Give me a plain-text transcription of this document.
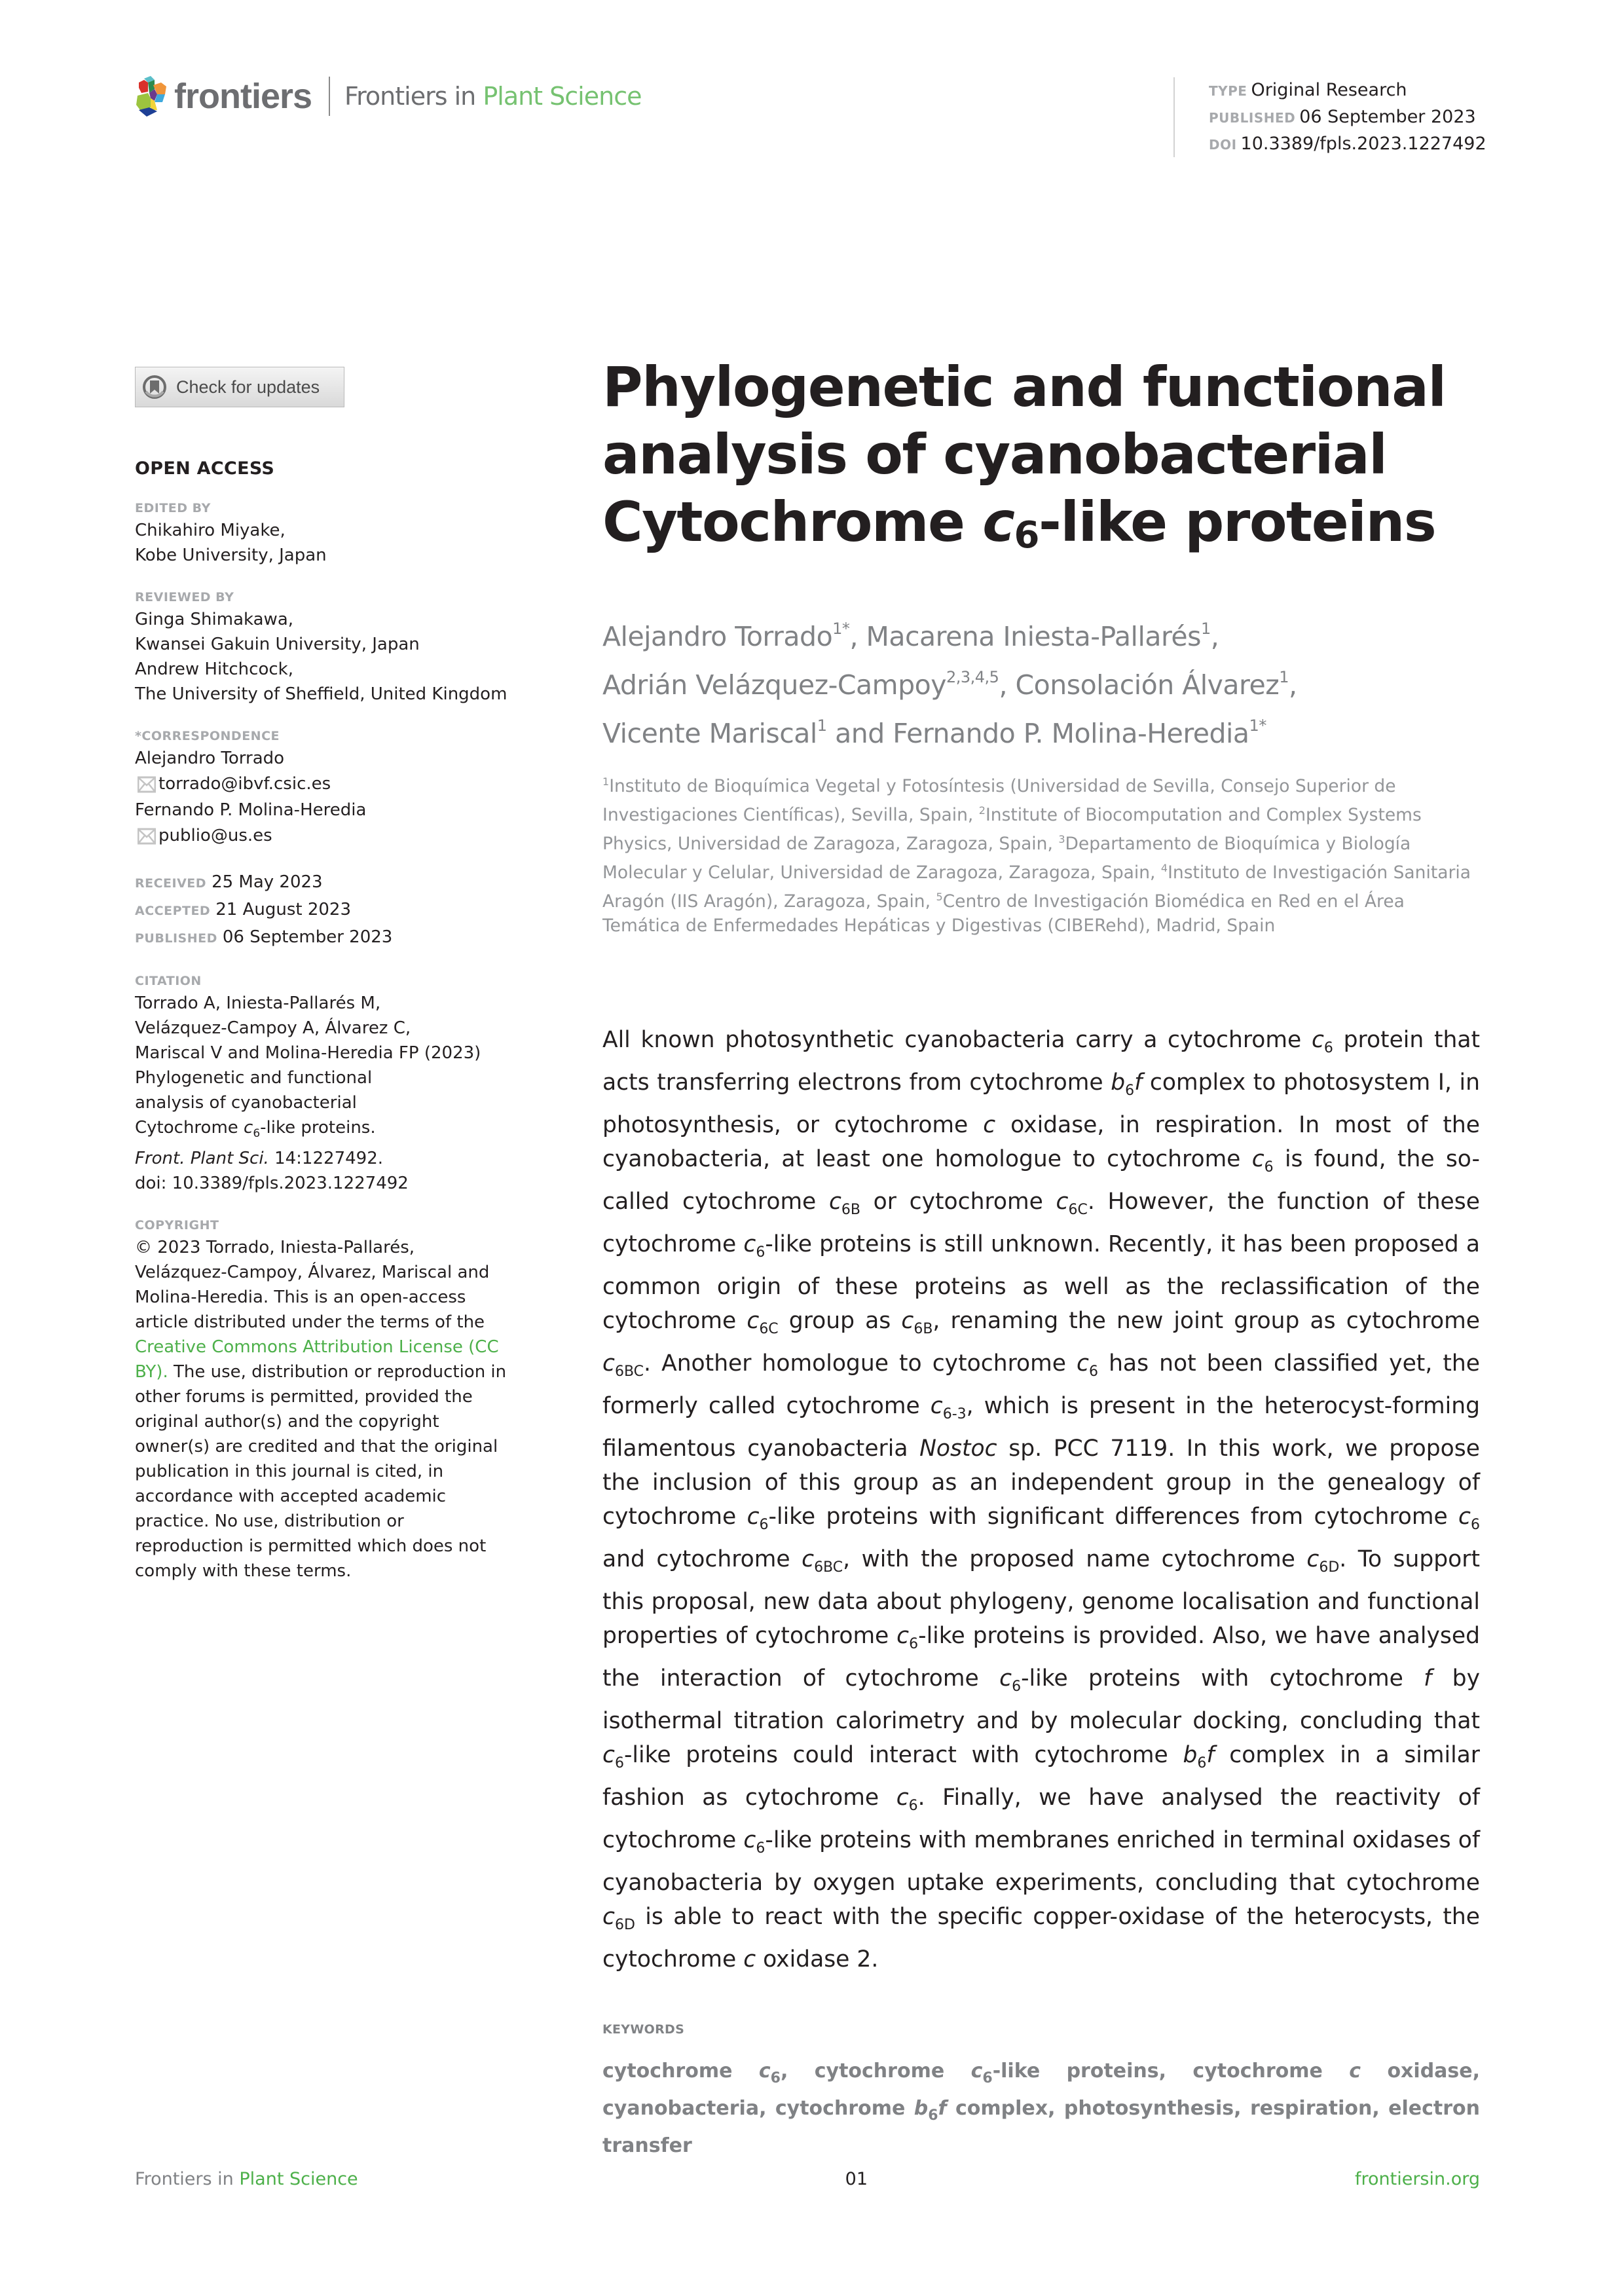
frontiers Frontiers in Plant Science	TYPE Original Research
PUBLISHED 06 September 2023
DOI 10.3389/fpls.2023.1227492
Check for updates
OPEN ACCESS
EDITED BY
Chikahiro Miyake,
Kobe University, Japan
REVIEWED BY
Ginga Shimakawa,
Kwansei Gakuin University, Japan
Andrew Hitchcock,
The University of Sheffield, United Kingdom
*CORRESPONDENCE
Alejandro Torrado
torrado@ibvf.csic.es
Fernando P. Molina-Heredia
publio@us.es
RECEIVED 25 May 2023
ACCEPTED 21 August 2023
PUBLISHED 06 September 2023
CITATION
Torrado A, Iniesta-Pallarés M,
Velázquez-Campoy A, Álvarez C,
Mariscal V and Molina-Heredia FP (2023)
Phylogenetic and functional
analysis of cyanobacterial
Cytochrome $c_6$-like proteins.
Front. Plant Sci. 14:1227492.
doi: 10.3389/fpls.2023.1227492
COPYRIGHT
© 2023 Torrado, Iniesta-Pallarés, Velázquez-Campoy, Álvarez, Mariscal and Molina-Heredia. This is an open-access article distributed under the terms of the Creative Commons Attribution License (CC BY). The use, distribution or reproduction in other forums is permitted, provided the original author(s) and the copyright owner(s) are credited and that the original publication in this journal is cited, in accordance with accepted academic practice. No use, distribution or reproduction is permitted which does not comply with these terms.
Phylogenetic and functional
analysis of cyanobacterial
Cytochrome $c_6$-like proteins
Alejandro Torrado$^{1*}$, Macarena Iniesta-Pallarés$^1$,
Adrián Velázquez-Campoy$^{2,3,4,5}$, Consolación Álvarez$^1$,
Vicente Mariscal$^1$ and Fernando P. Molina-Heredia$^{1*}$
$^1$Instituto de Bioquímica Vegetal y Fotosíntesis (Universidad de Sevilla, Consejo Superior de Investigaciones Científicas), Sevilla, Spain, $^2$Institute of Biocomputation and Complex Systems Physics, Universidad de Zaragoza, Zaragoza, Spain, $^3$Departamento de Bioquímica y Biología Molecular y Celular, Universidad de Zaragoza, Zaragoza, Spain, $^4$Instituto de Investigación Sanitaria Aragón (IIS Aragón), Zaragoza, Spain, $^5$Centro de Investigación Biomédica en Red en el Área Temática de Enfermedades Hepáticas y Digestivas (CIBERehd), Madrid, Spain

All known photosynthetic cyanobacteria carry a cytochrome $c_6$ protein that acts transferring electrons from cytochrome $b_6f$ complex to photosystem I, in photosynthesis, or cytochrome c oxidase, in respiration. In most of the cyanobacteria, at least one homologue to cytochrome $c_6$ is found, the so-called cytochrome $c_{6B}$ or cytochrome $c_{6C}$. However, the function of these cytochrome $c_6$-like proteins is still unknown. Recently, it has been proposed a common origin of these proteins as well as the reclassification of the cytochrome $c_{6C}$ group as $c_{6B}$, renaming the new joint group as cytochrome $c_{6BC}$. Another homologue to cytochrome $c_6$ has not been classified yet, the formerly called cytochrome $c_{6-3}$, which is present in the heterocyst-forming filamentous cyanobacteria Nostoc sp. PCC 7119. In this work, we propose the inclusion of this group as an independent group in the genealogy of cytochrome $c_6$-like proteins with significant differences from cytochrome $c_6$ and cytochrome $c_{6BC}$, with the proposed name cytochrome $c_{6D}$. To support this proposal, new data about phylogeny, genome localisation and functional properties of cytochrome $c_6$-like proteins is provided. Also, we have analysed the interaction of cytochrome $c_6$-like proteins with cytochrome f by isothermal titration calorimetry and by molecular docking, concluding that $c_6$-like proteins could interact with cytochrome $b_6f$ complex in a similar fashion as cytochrome $c_6$. Finally, we have analysed the reactivity of cytochrome $c_6$-like proteins with membranes enriched in terminal oxidases of cyanobacteria by oxygen uptake experiments, concluding that cytochrome $c_{6D}$ is able to react with the specific copper-oxidase of the heterocysts, the cytochrome c oxidase 2.

KEYWORDS

cytochrome $c_6$, cytochrome $c_6$-like proteins, cytochrome c oxidase, cyanobacteria, cytochrome $b_6f$ complex, photosynthesis, respiration, electron transfer

Frontiers in Plant Science	01	frontiersin.org
